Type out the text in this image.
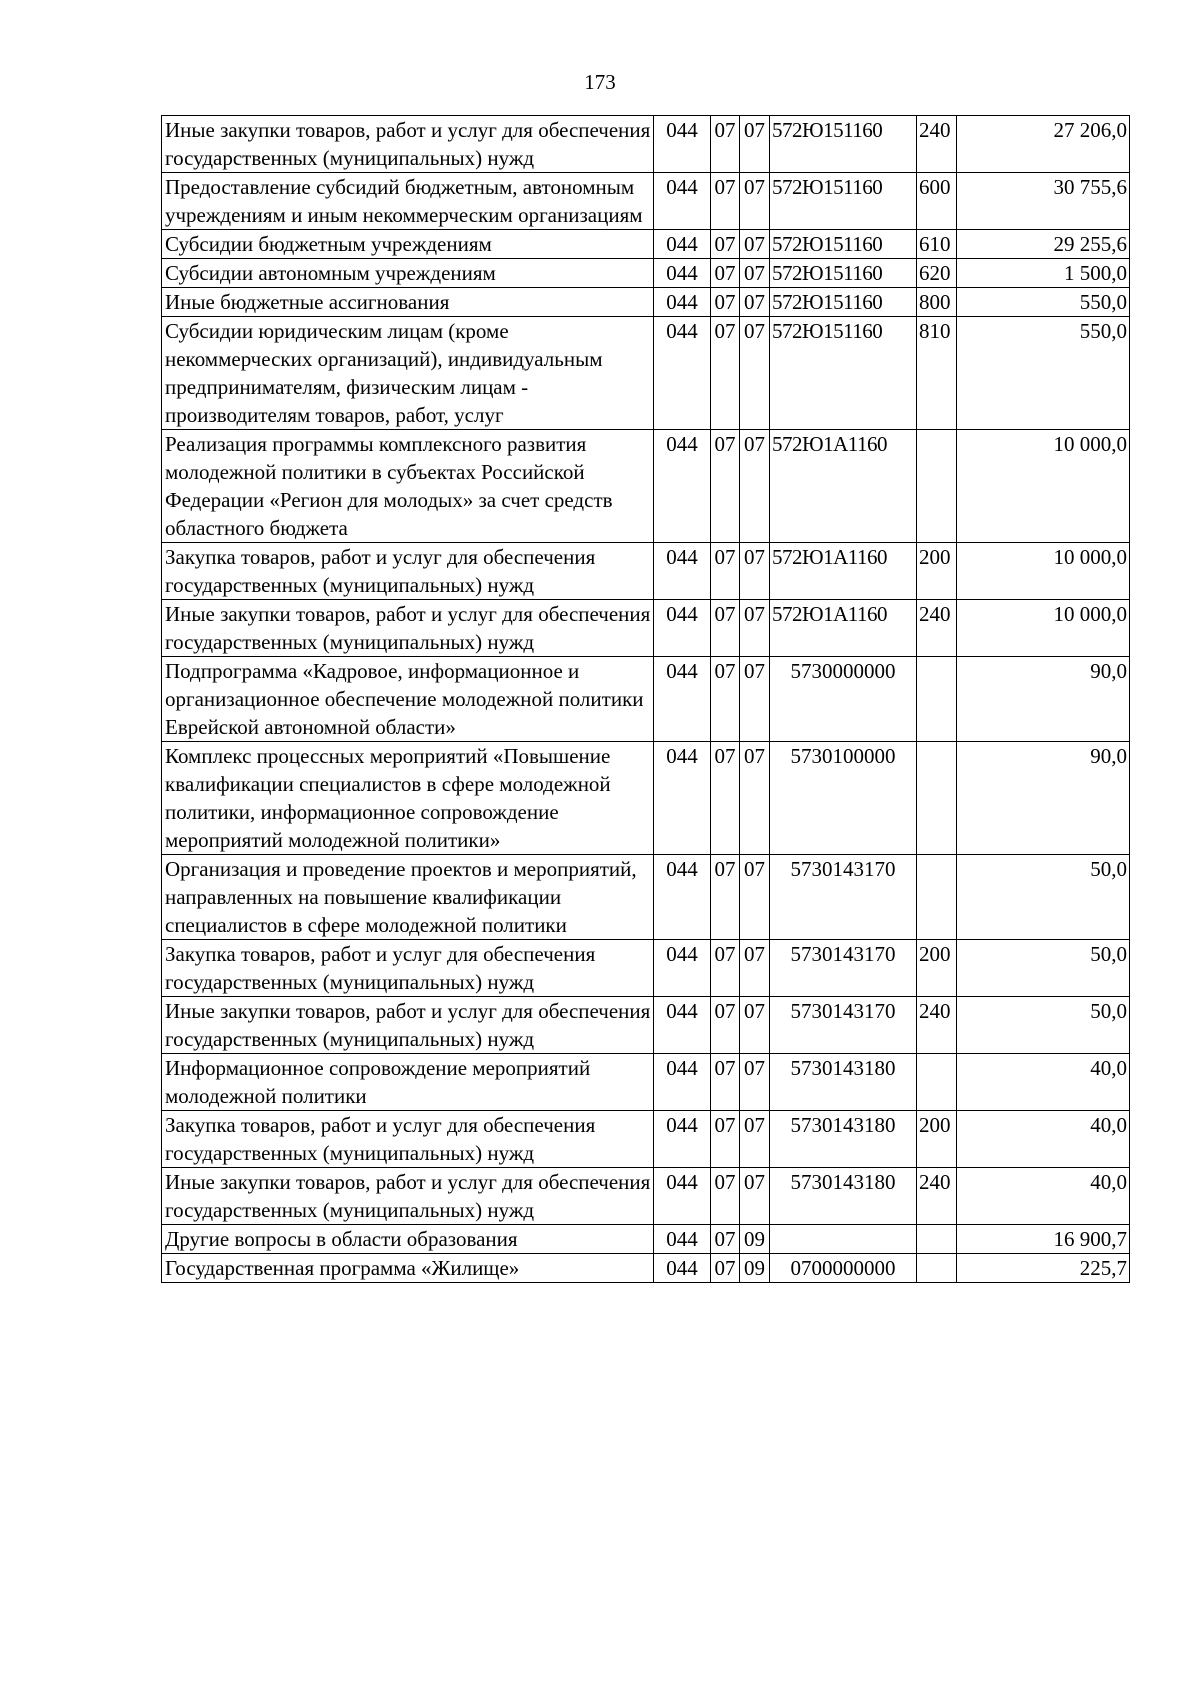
173
Иные закупки товаров, работ и услуг для обеспечения государственных (муниципальных) нужд	044	07	07	572Ю151160	240	27 206,0
Предоставление субсидий бюджетным, автономным учреждениям и иным некоммерческим организациям	044	07	07	572Ю151160	600	30 755,6
Субсидии бюджетным учреждениям	044	07	07	572Ю151160	610	29 255,6
Субсидии автономным учреждениям	044	07	07	572Ю151160	620	1 500,0
Иные бюджетные ассигнования	044	07	07	572Ю151160	800	550,0
Субсидии юридическим лицам (кроме некоммерческих организаций), индивидуальным предпринимателям, физическим лицам - производителям товаров, работ, услуг	044	07	07	572Ю151160	810	550,0
Реализация программы комплексного развития молодежной политики в субъектах Российской Федерации «Регион для молодых» за счет средств областного бюджета	044	07	07	572Ю1А1160		10 000,0
Закупка товаров, работ и услуг для обеспечения государственных (муниципальных) нужд	044	07	07	572Ю1А1160	200	10 000,0
Иные закупки товаров, работ и услуг для обеспечения государственных (муниципальных) нужд	044	07	07	572Ю1А1160	240	10 000,0
Подпрограмма «Кадровое, информационное и организационное обеспечение молодежной политики Еврейской автономной области»	044	07	07	5730000000		90,0
Комплекс процессных мероприятий «Повышение квалификации специалистов в сфере молодежной политики, информационное сопровождение мероприятий молодежной политики»	044	07	07	5730100000		90,0
Организация и проведение проектов и мероприятий, направленных на повышение квалификации специалистов в сфере молодежной политики	044	07	07	5730143170		50,0
Закупка товаров, работ и услуг для обеспечения государственных (муниципальных) нужд	044	07	07	5730143170	200	50,0
Иные закупки товаров, работ и услуг для обеспечения государственных (муниципальных) нужд	044	07	07	5730143170	240	50,0
Информационное сопровождение мероприятий молодежной политики	044	07	07	5730143180		40,0
Закупка товаров, работ и услуг для обеспечения государственных (муниципальных) нужд	044	07	07	5730143180	200	40,0
Иные закупки товаров, работ и услуг для обеспечения государственных (муниципальных) нужд	044	07	07	5730143180	240	40,0
Другие вопросы в области образования	044	07	09			16 900,7
Государственная программа «Жилище»	044	07	09	0700000000		225,7
